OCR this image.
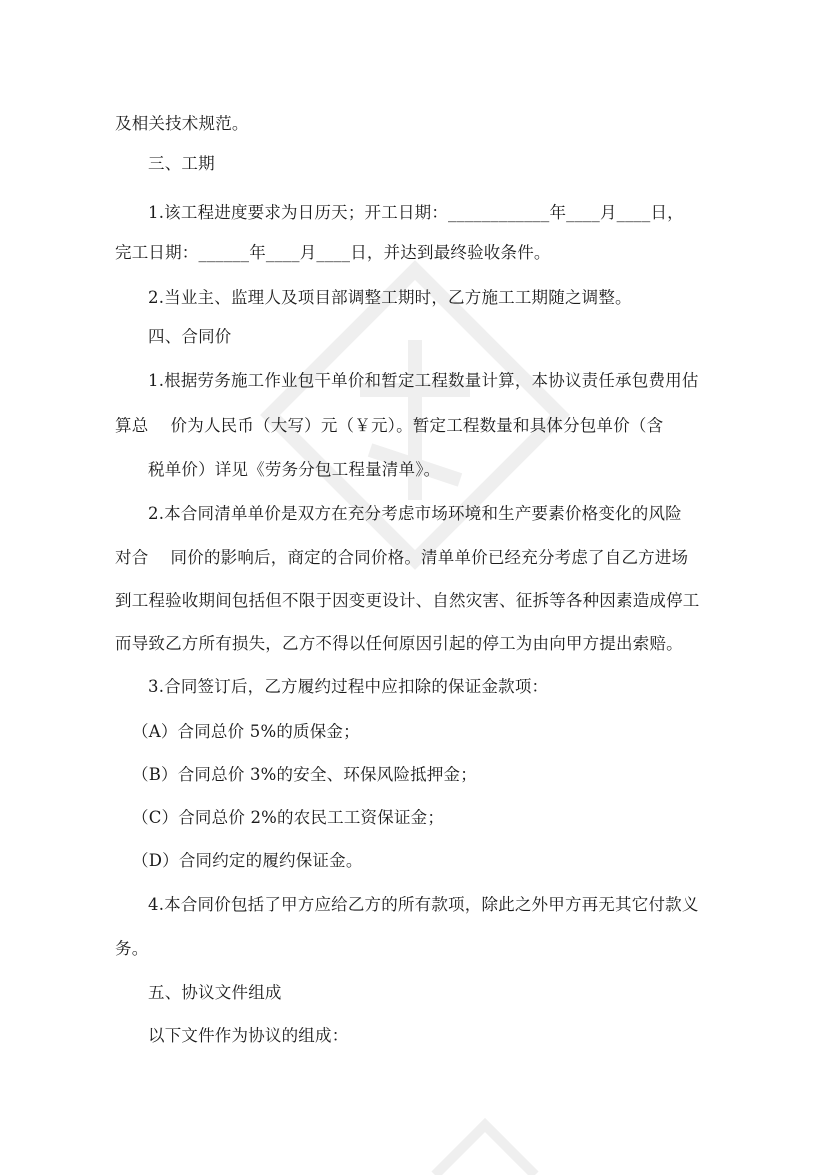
及相关技术规范。
三、工期
1.该工程进度要求为日历天；开工日期：____________年____月____日，
完工日期：______年____月____日，并达到最终验收条件。
2.当业主、监理人及项目部调整工期时，乙方施工工期随之调整。
四、合同价
1.根据劳务施工作业包干单价和暂定工程数量计算，本协议责任承包费用估
算总　 价为人民币（大写）元（￥元）。暂定工程数量和具体分包单价（含
税单价）详见《劳务分包工程量清单》。
2.本合同清单单价是双方在充分考虑市场环境和生产要素价格变化的风险
对合　 同价的影响后，商定的合同价格。清单单价已经充分考虑了自乙方进场
到工程验收期间包括但不限于因变更设计、自然灾害、征拆等各种因素造成停工
而导致乙方所有损失，乙方不得以任何原因引起的停工为由向甲方提出索赔。
3.合同签订后，乙方履约过程中应扣除的保证金款项：
（A）合同总价 5%的质保金；
（B）合同总价 3%的安全、环保风险抵押金；
（C）合同总价 2%的农民工工资保证金；
（D）合同约定的履约保证金。
4.本合同价包括了甲方应给乙方的所有款项，除此之外甲方再无其它付款义
务。
五、协议文件组成
以下文件作为协议的组成：
